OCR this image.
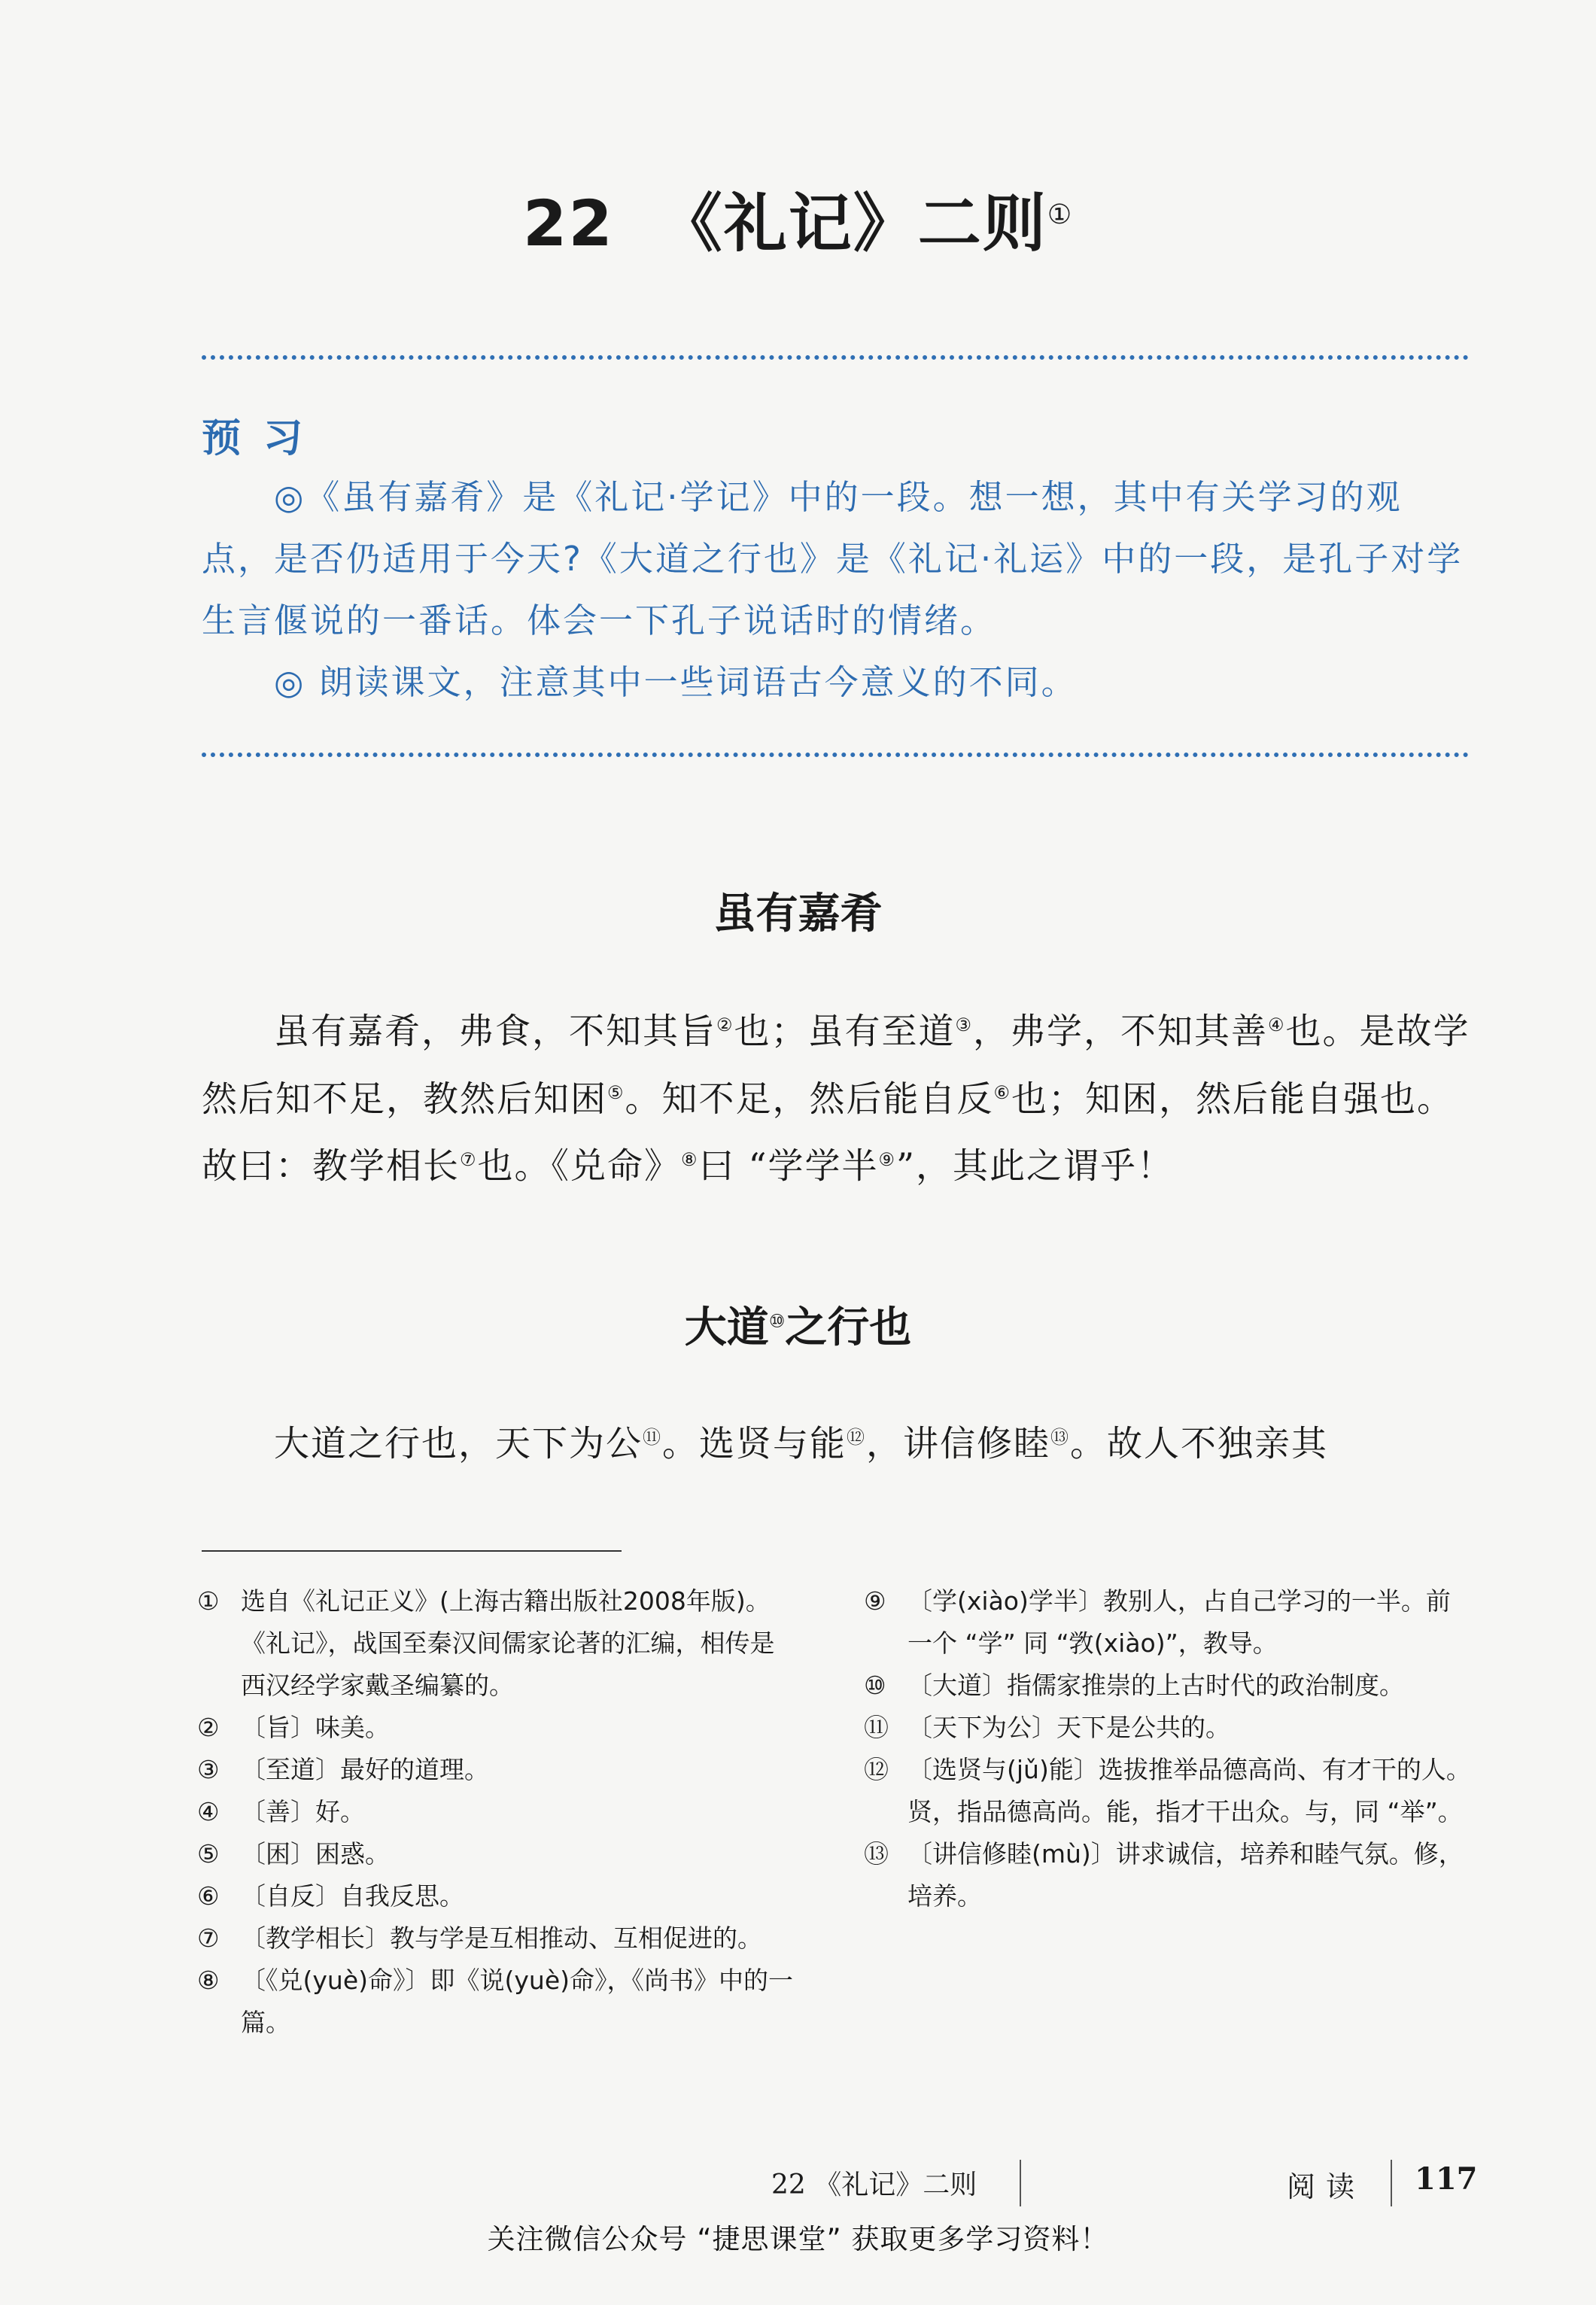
22 《礼记》二则①
预习

◎《虽有嘉肴》是《礼记·学记》中的一段。想一想，其中有关学习的观点，是否仍适用于今天?《大道之行也》是《礼记·礼运》中的一段，是孔子对学生言偃说的一番话。体会一下孔子说话时的情绪。

◎ 朗读课文，注意其中一些词语古今意义的不同。

虽有嘉肴

虽有嘉肴，弗食，不知其旨②也；虽有至道③，弗学，不知其善④也。是故学然后知不足，教然后知困⑤。知不足，然后能自反⑥也；知困，然后能自强也。故曰：教学相长⑦也。《兑命》⑧曰 “学学半⑨”，其此之谓乎！

大道⑩之行也

大道之行也，天下为公⑪。选贤与能⑫，讲信修睦⑬。故人不独亲其

① 选自《礼记正义》(上海古籍出版社2008年版)。《礼记》，战国至秦汉间儒家论著的汇编，相传是西汉经学家戴圣编纂的。

② 〔旨〕味美。

③ 〔至道〕最好的道理。

④ 〔善〕好。

⑤ 〔困〕困惑。

⑥ 〔自反〕自我反思。

⑦ 〔教学相长〕教与学是互相推动、互相促进的。

⑧ 〔《兑(yuè)命》〕即《说(yuè)命》，《尚书》中的一篇。

⑨ 〔学(xiào)学半〕教别人，占自己学习的一半。前一个 “学” 同 “敩(xiào)”，教导。

⑩ 〔大道〕指儒家推崇的上古时代的政治制度。

⑪ 〔天下为公〕天下是公共的。

⑫ 〔选贤与(jǔ)能〕选拔推举品德高尚、有才干的人。贤，指品德高尚。能，指才干出众。与，同 “举”。

⑬ 〔讲信修睦(mù)〕讲求诚信，培养和睦气氛。修，培养。

22 《礼记》二则	阅读 117
关注微信公众号 “捷思课堂” 获取更多学习资料！
